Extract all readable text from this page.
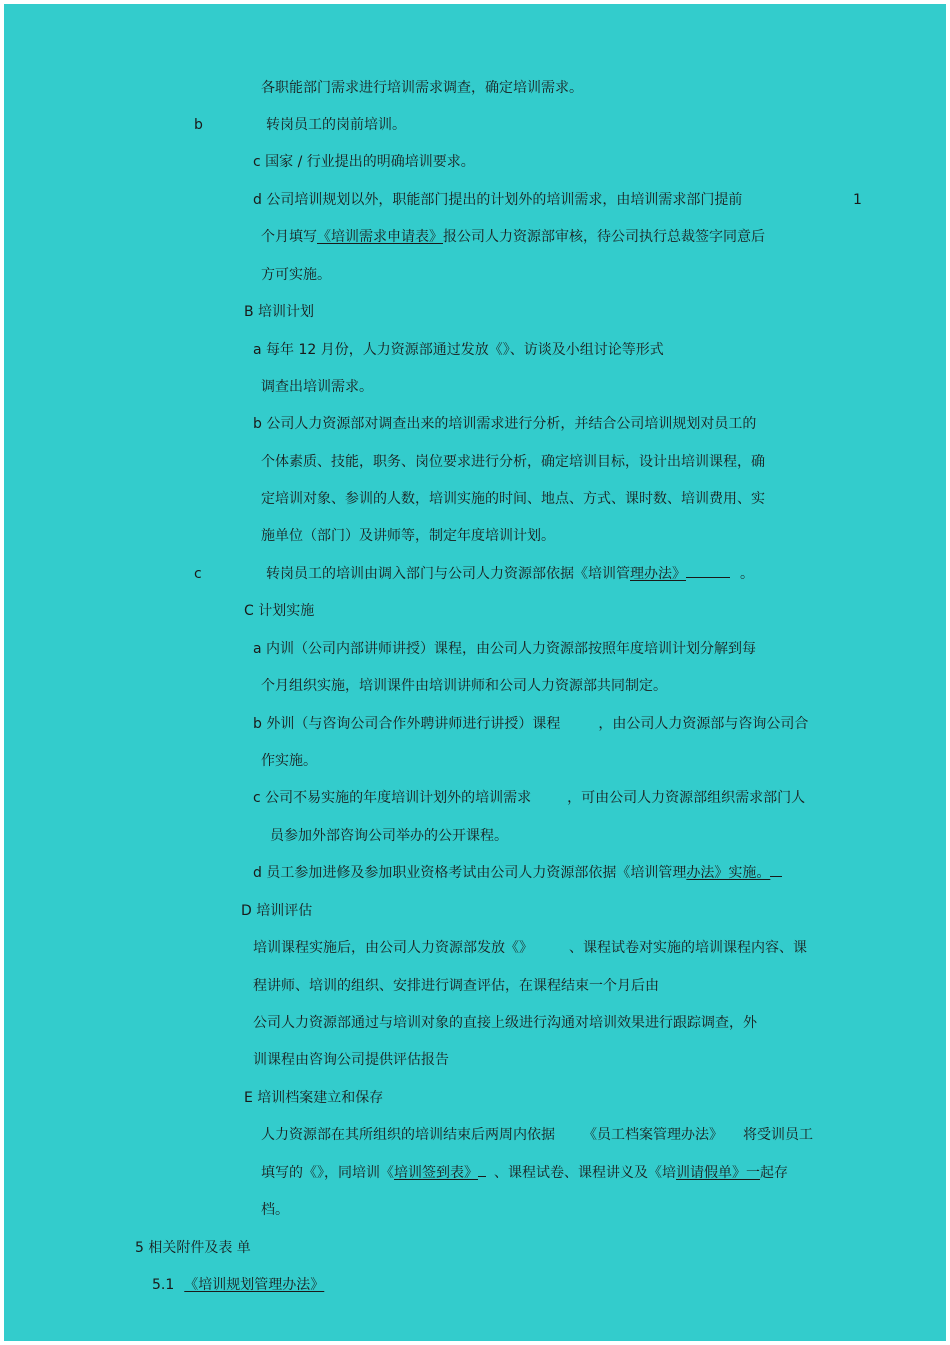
各职能部门需求进行培训需求调查，确定培训需求。
b	转岗员工的岗前培训。
c 国家 / 行业提出的明确培训要求。
d 公司培训规划以外，职能部门提出的计划外的培训需求，由培训需求部门提前	1
个月填写《培训需求申请表》报公司人力资源部审核，待公司执行总裁签字同意后
方可实施。
B 培训计划
a 每年 12 月份，人力资源部通过发放《》、访谈及小组讨论等形式
调查出培训需求。
b 公司人力资源部对调查出来的培训需求进行分析，并结合公司培训规划对员工的
个体素质、技能，职务、岗位要求进行分析，确定培训目标，设计出培训课程，确
定培训对象、参训的人数，培训实施的时间、地点、方式、课时数、培训费用、实
施单位（部门）及讲师等，制定年度培训计划。
c	转岗员工的培训由调入部门与公司人力资源部依据《培训管理办法》	。
C 计划实施
a 内训（公司内部讲师讲授）课程，由公司人力资源部按照年度培训计划分解到每
个月组织实施，培训课件由培训讲师和公司人力资源部共同制定。
b 外训（与咨询公司合作外聘讲师进行讲授）课程	，由公司人力资源部与咨询公司合
作实施。
c 公司不易实施的年度培训计划外的培训需求	，可由公司人力资源部组织需求部门人
员参加外部咨询公司举办的公开课程。
d 员工参加进修及参加职业资格考试由公司人力资源部依据《培训管理办法》实施。
D 培训评估
培训课程实施后，由公司人力资源部发放《》	、课程试卷对实施的培训课程内容、课
程讲师、培训的组织、安排进行调查评估，在课程结束一个月后由
公司人力资源部通过与培训对象的直接上级进行沟通对培训效果进行跟踪调查，外
训课程由咨询公司提供评估报告
E 培训档案建立和保存
人力资源部在其所组织的培训结束后两周内依据 《员工档案管理办法》 将受训员工
填写的《》，同培训《培训签到表》 、课程试卷、课程讲义及《培训请假单》一起存
档。
5 相关附件及表 单
5.1 《培训规划管理办法》
